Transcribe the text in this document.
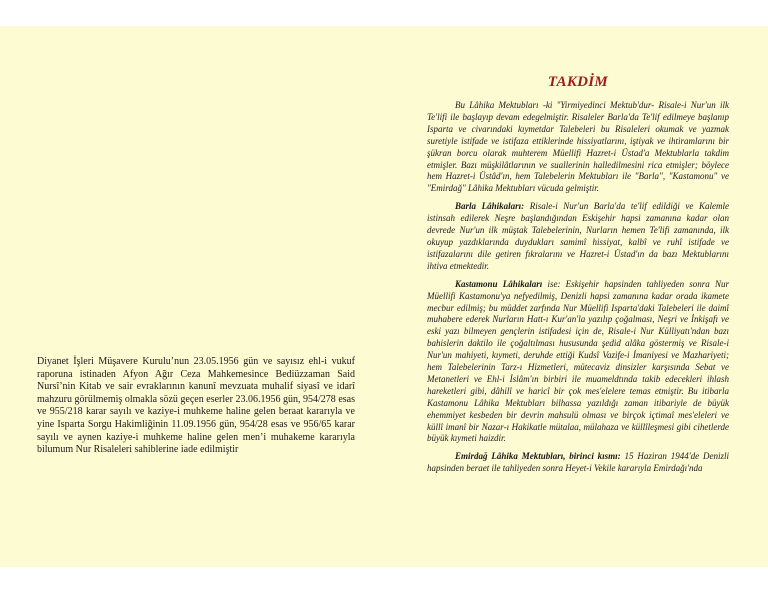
Diyanet İşleri Müşavere Kurulu’nun 23.05.1956 gün ve sayısız ehl-i vukuf raporuna istinaden Afyon Ağır Ceza Mahkemesince Bediüzzaman Said Nursî’nin Kitab ve sair evraklarının kanunî mevzuata muhalif siyasî ve idarî mahzuru görülmemiş olmakla sözü geçen eserler 23.06.1956 gün, 954/278 esas ve 955/218 karar sayılı ve kaziye-i muhkeme haline gelen beraat kararıyla ve yine Isparta Sorgu Hakimliğinin 11.09.1956 gün, 954/28 esas ve 956/65 karar sayılı ve aynen kaziye-i muhkeme haline gelen men’i muhakeme kararıyla bilumum Nur Risaleleri sahiblerine iade edilmiştir
TAKDİM

Bu Lâhika Mektubları -ki "Yirmiyedinci Mektub'dur- Risale-i Nur'un ilk Te'lifi ile başlayıp devam edegelmiştir. Risaleler Barla'da Te'lif edilmeye başlanıp Isparta ve civarındaki kıymetdar Talebeleri bu Risaleleri okumak ve yazmak suretiyle istifade ve istifaza ettiklerinde hissiyatlarını, iştiyak ve ihtiramlarını bir şükran borcu olarak muhterem Müellifi Hazret-i Üstad'a Mektublarla takdim etmişler. Bazı müşkilâtlarının ve suallerinin halledilmesini rica etmişler; böylece hem Hazret-i Üstâd'ın, hem Talebelerin Mektubları ile "Barla", "Kastamonu" ve "Emirdağ" Lâhika Mektubları vücuda gelmiştir.

Barla Lâhikaları: Risale-i Nur'un Barla'da te'lif edildiği ve Kalemle istinsah edilerek Neşre başlandığından Eskişehir hapsi zamanına kadar olan devrede Nur'un ilk müştak Talebelerinin, Nurların hemen Te'lifi zamanında, ilk okuyup yazdıklarında duydukları samimî hissiyat, kalbî ve ruhî istifade ve istifazalarını dile getiren fıkralarını ve Hazret-i Üstad'ın da bazı Mektublarını ihtiva etmektedir.

Kastamonu Lâhikaları ise: Eskişehir hapsinden tahliyeden sonra Nur Müellifi Kastamonu'ya nefyedilmiş, Denizli hapsi zamanına kadar orada ikamete mecbur edilmiş; bu müddet zarfında Nur Müellifi Isparta'daki Talebeleri ile daimî muhabere ederek Nurların Hatt-ı Kur'an'la yazılıp çoğalması, Neşri ve İnkişafı ve eski yazı bilmeyen gençlerin istifadesi için de, Risale-i Nur Külliyatı'ndan bazı bahislerin daktilo ile çoğaltılması hususunda şedid alâka göstermiş ve Risale-i Nur'un mahiyeti, kıymeti, deruhde ettiği Kudsî Vazife-i İmaniyesi ve Mazhariyeti; hem Talebelerinin Tarz-ı Hizmetleri, mütecaviz dinsizler karşısında Sebat ve Metanetleri ve Ehl-i İslâm'ın birbiri ile muameldtında takib edecekleri ihlash hareketleri gibi, dâhilî ve haricî bir çok mes'elelere temas etmiştir. Bu itibarla Kastamonu Lâhika Mektubları bilhassa yazıldığı zaman itibariyle de büyük ehemmiyet kesbeden bir devrin mahsulü olması ve birçok içtimaî mes'eleleri ve küllî imanî bir Nazar-ı Hakikatle mütalaa, mülahaza ve küllîleşmesi gibi cihetlerde büyük kıymeti haizdir.

Emirdağ Lâhika Mektubları, birinci kısmı: 15 Haziran 1944'de Denizli hapsinden beraet ile tahliyeden sonra Heyet-i Vekile kararıyla Emirdağı'nda
